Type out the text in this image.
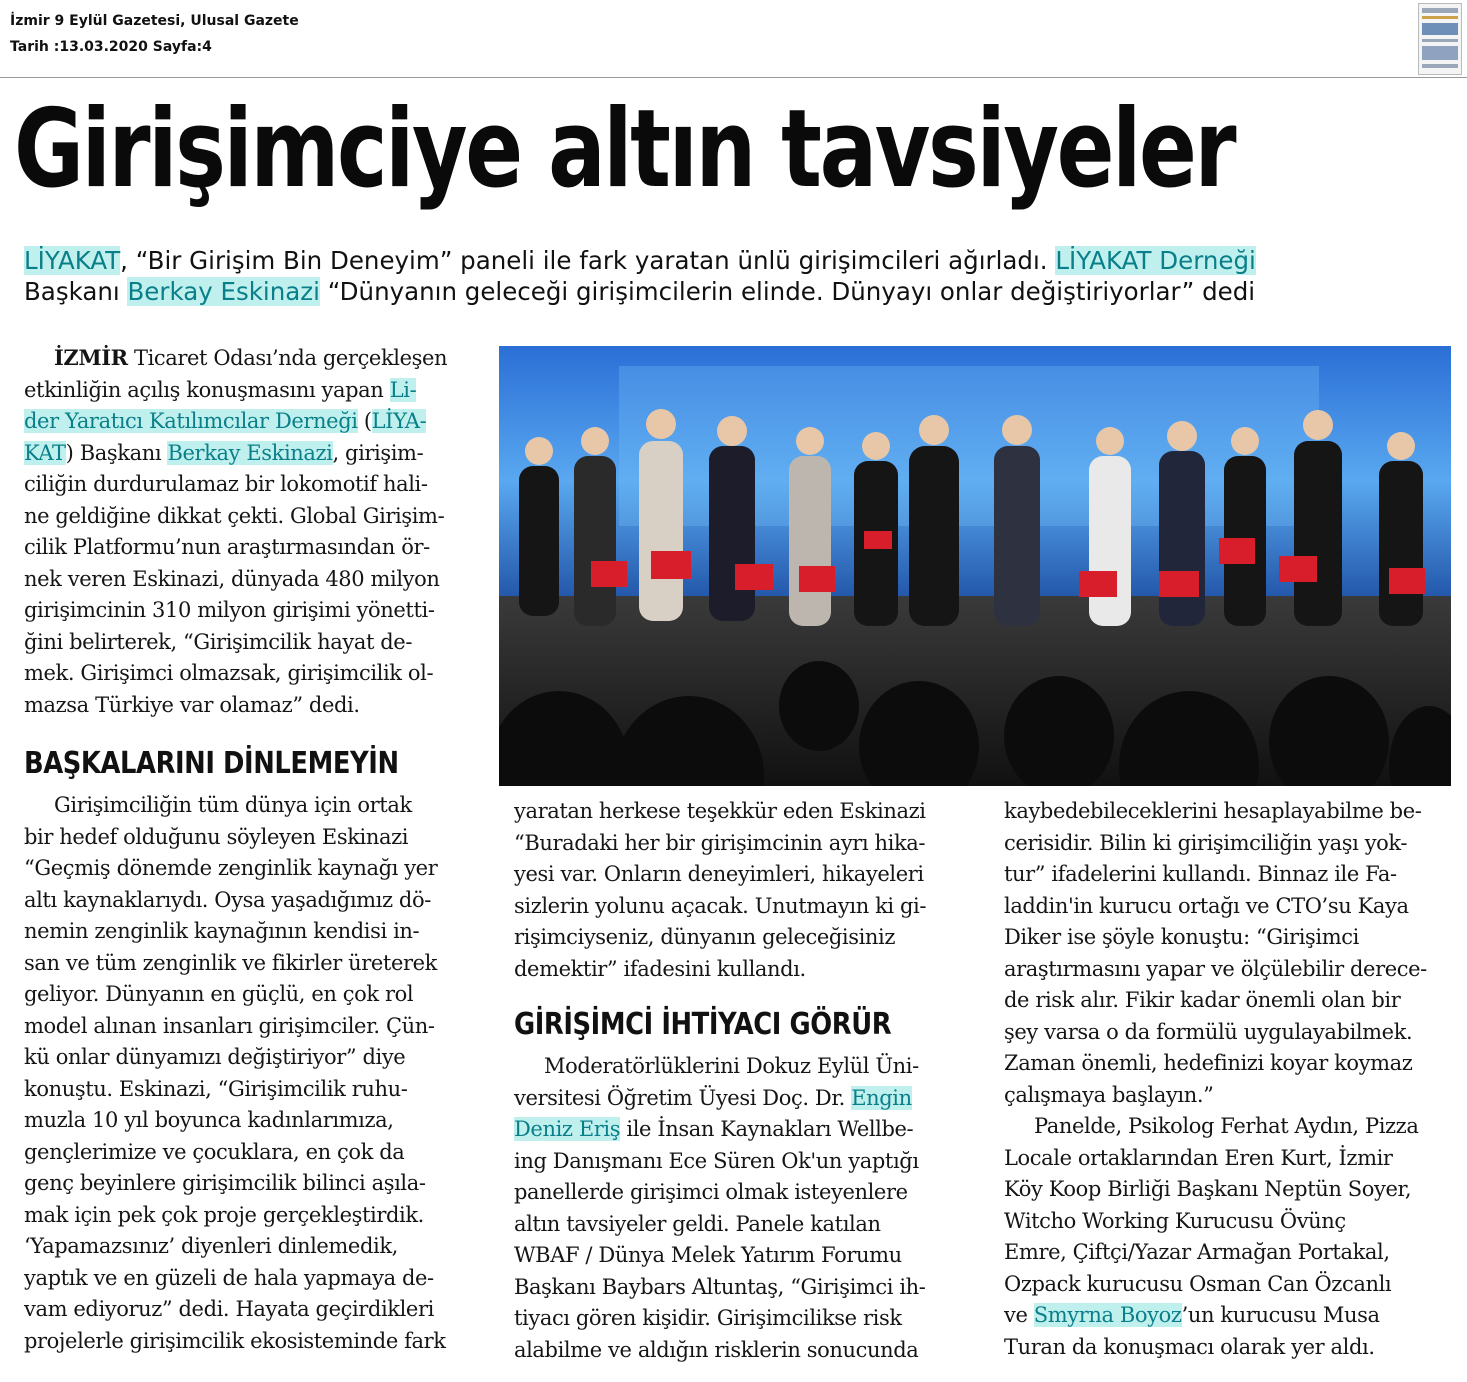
İzmir 9 Eylül Gazetesi, Ulusal Gazete
Tarih :13.03.2020 Sayfa:4
Girişimciye altın tavsiyeler
LİYAKAT, “Bir Girişim Bin Deneyim” paneli ile fark yaratan ünlü girişimcileri ağırladı. LİYAKAT Derneği
Başkanı Berkay Eskinazi “Dünyanın geleceği girişimcilerin elinde. Dünyayı onlar değiştiriyorlar” dedi
İZMİR Ticaret Odası’nda gerçekleşen
etkinliğin açılış konuşmasını yapan Li-
der Yaratıcı Katılımcılar Derneği (LİYA-
KAT) Başkanı Berkay Eskinazi, girişim-
ciliğin durdurulamaz bir lokomotif hali-
ne geldiğine dikkat çekti. Global Girişim-
cilik Platformu’nun araştırmasından ör-
nek veren Eskinazi, dünyada 480 milyon
girişimcinin 310 milyon girişimi yönetti-
ğini belirterek, “Girişimcilik hayat de-
mek. Girişimci olmazsak, girişimcilik ol-
mazsa Türkiye var olamaz” dedi.
BAŞKALARINI DİNLEMEYİN
Girişimciliğin tüm dünya için ortak
bir hedef olduğunu söyleyen Eskinazi
“Geçmiş dönemde zenginlik kaynağı yer
altı kaynaklarıydı. Oysa yaşadığımız dö-
nemin zenginlik kaynağının kendisi in-
san ve tüm zenginlik ve fikirler üreterek
geliyor. Dünyanın en güçlü, en çok rol
model alınan insanları girişimciler. Çün-
kü onlar dünyamızı değiştiriyor” diye
konuştu. Eskinazi, “Girişimcilik ruhu-
muzla 10 yıl boyunca kadınlarımıza,
gençlerimize ve çocuklara, en çok da
genç beyinlere girişimcilik bilinci aşıla-
mak için pek çok proje gerçekleştirdik.
‘Yapamazsınız’ diyenleri dinlemedik,
yaptık ve en güzeli de hala yapmaya de-
vam ediyoruz” dedi. Hayata geçirdikleri
projelerle girişimcilik ekosisteminde fark
yaratan herkese teşekkür eden Eskinazi
“Buradaki her bir girişimcinin ayrı hika-
yesi var. Onların deneyimleri, hikayeleri
sizlerin yolunu açacak. Unutmayın ki gi-
rişimciyseniz, dünyanın geleceğisiniz
demektir” ifadesini kullandı.
GİRİŞİMCİ İHTİYACI GÖRÜR
Moderatörlüklerini Dokuz Eylül Üni-
versitesi Öğretim Üyesi Doç. Dr. Engin
Deniz Eriş ile İnsan Kaynakları Wellbe-
ing Danışmanı Ece Süren Ok'un yaptığı
panellerde girişimci olmak isteyenlere
altın tavsiyeler geldi. Panele katılan
WBAF / Dünya Melek Yatırım Forumu
Başkanı Baybars Altuntaş, “Girişimci ih-
tiyacı gören kişidir. Girişimcilikse risk
alabilme ve aldığın risklerin sonucunda
kaybedebileceklerini hesaplayabilme be-
cerisidir. Bilin ki girişimciliğin yaşı yok-
tur” ifadelerini kullandı. Binnaz ile Fa-
laddin'in kurucu ortağı ve CTO’su Kaya
Diker ise şöyle konuştu: “Girişimci
araştırmasını yapar ve ölçülebilir derece-
de risk alır. Fikir kadar önemli olan bir
şey varsa o da formülü uygulayabilmek.
Zaman önemli, hedefinizi koyar koymaz
çalışmaya başlayın.”
Panelde, Psikolog Ferhat Aydın, Pizza
Locale ortaklarından Eren Kurt, İzmir
Köy Koop Birliği Başkanı Neptün Soyer,
Witcho Working Kurucusu Övünç
Emre, Çiftçi/Yazar Armağan Portakal,
Ozpack kurucusu Osman Can Özcanlı
ve Smyrna Boyoz’un kurucusu Musa
Turan da konuşmacı olarak yer aldı.
